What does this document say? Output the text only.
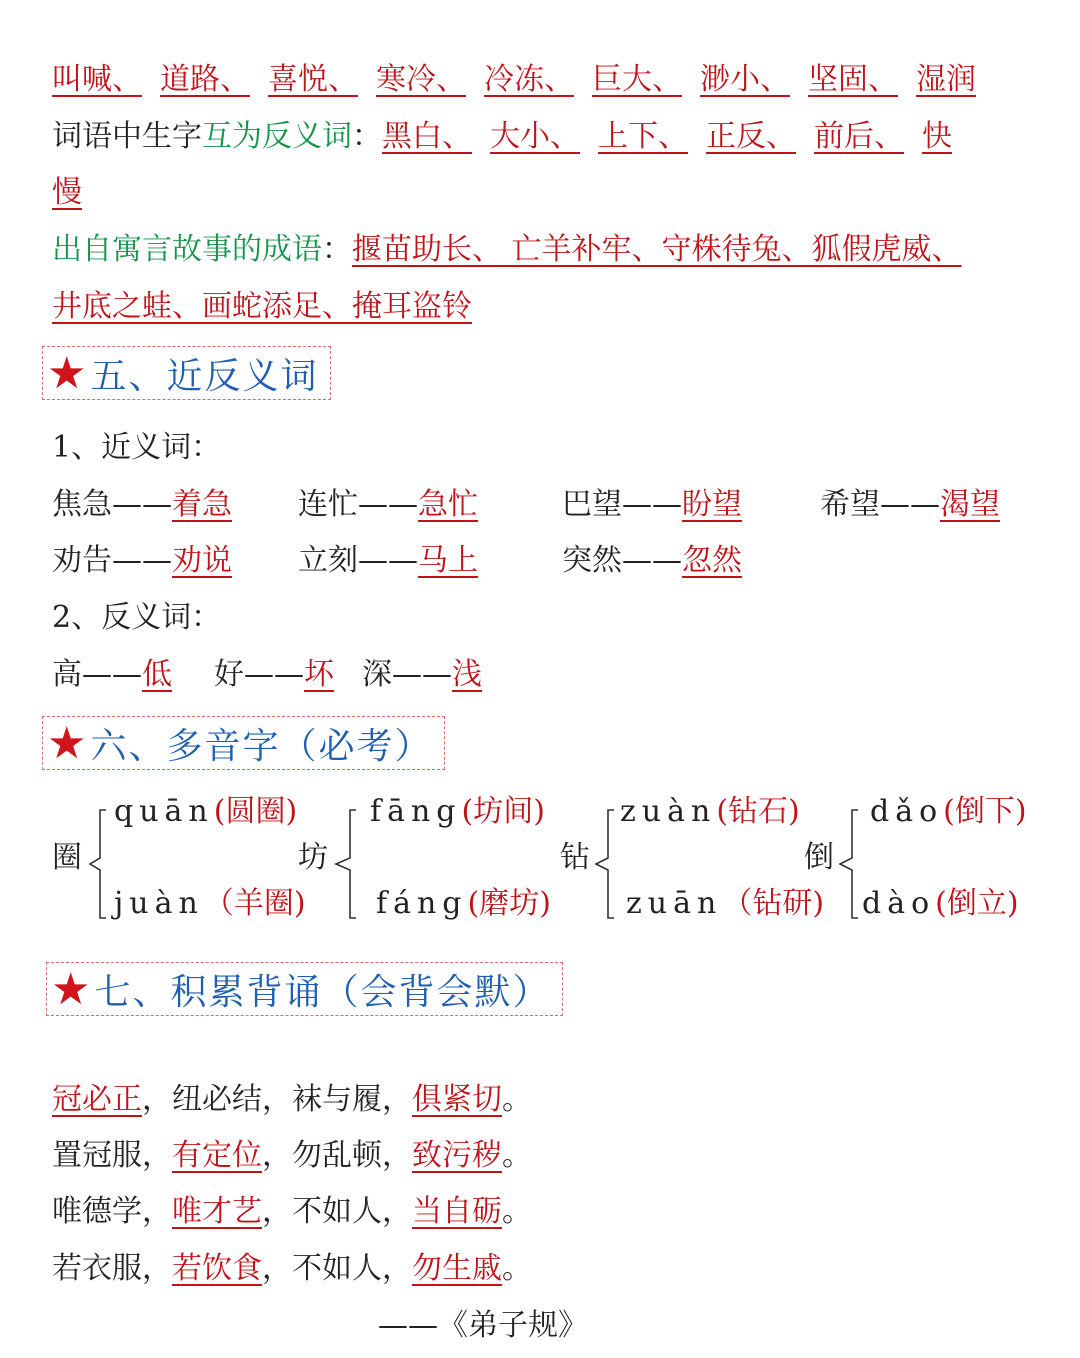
叫喊、 道路、 喜悦、 寒冷、 冷冻、 巨大、 渺小、 坚固、 湿润
词语中生字互为反义词：黑白、 大小、 上下、 正反、 前后、 快
慢
出自寓言故事的成语：揠苗助长、 亡羊补牢、守株待兔、狐假虎威、
井底之蛙、画蛇添足、掩耳盗铃
★ 五、近反义词
1、近义词：
焦急——着急 连忙——急忙	巴望——盼望	希望——渴望
劝告——劝说 立刻——马上	突然——忽然
2、反义词：
高——低 好——坏 深——浅
★ 六、多音字（必考）
圈
quān(圆圈)
juàn（羊圈)
坊
fāng(坊间)
fáng(磨坊)
钻
zuàn(钻石)
zuān（钻研)
倒
dǎo(倒下)
dào(倒立)
★ 七、积累背诵（会背会默）
冠必正，纽必结，袜与履，俱紧切。
置冠服，有定位，勿乱顿，致污秽。
唯德学，唯才艺，不如人，当自砺。
若衣服，若饮食，不如人，勿生戚。
——《弟子规》
